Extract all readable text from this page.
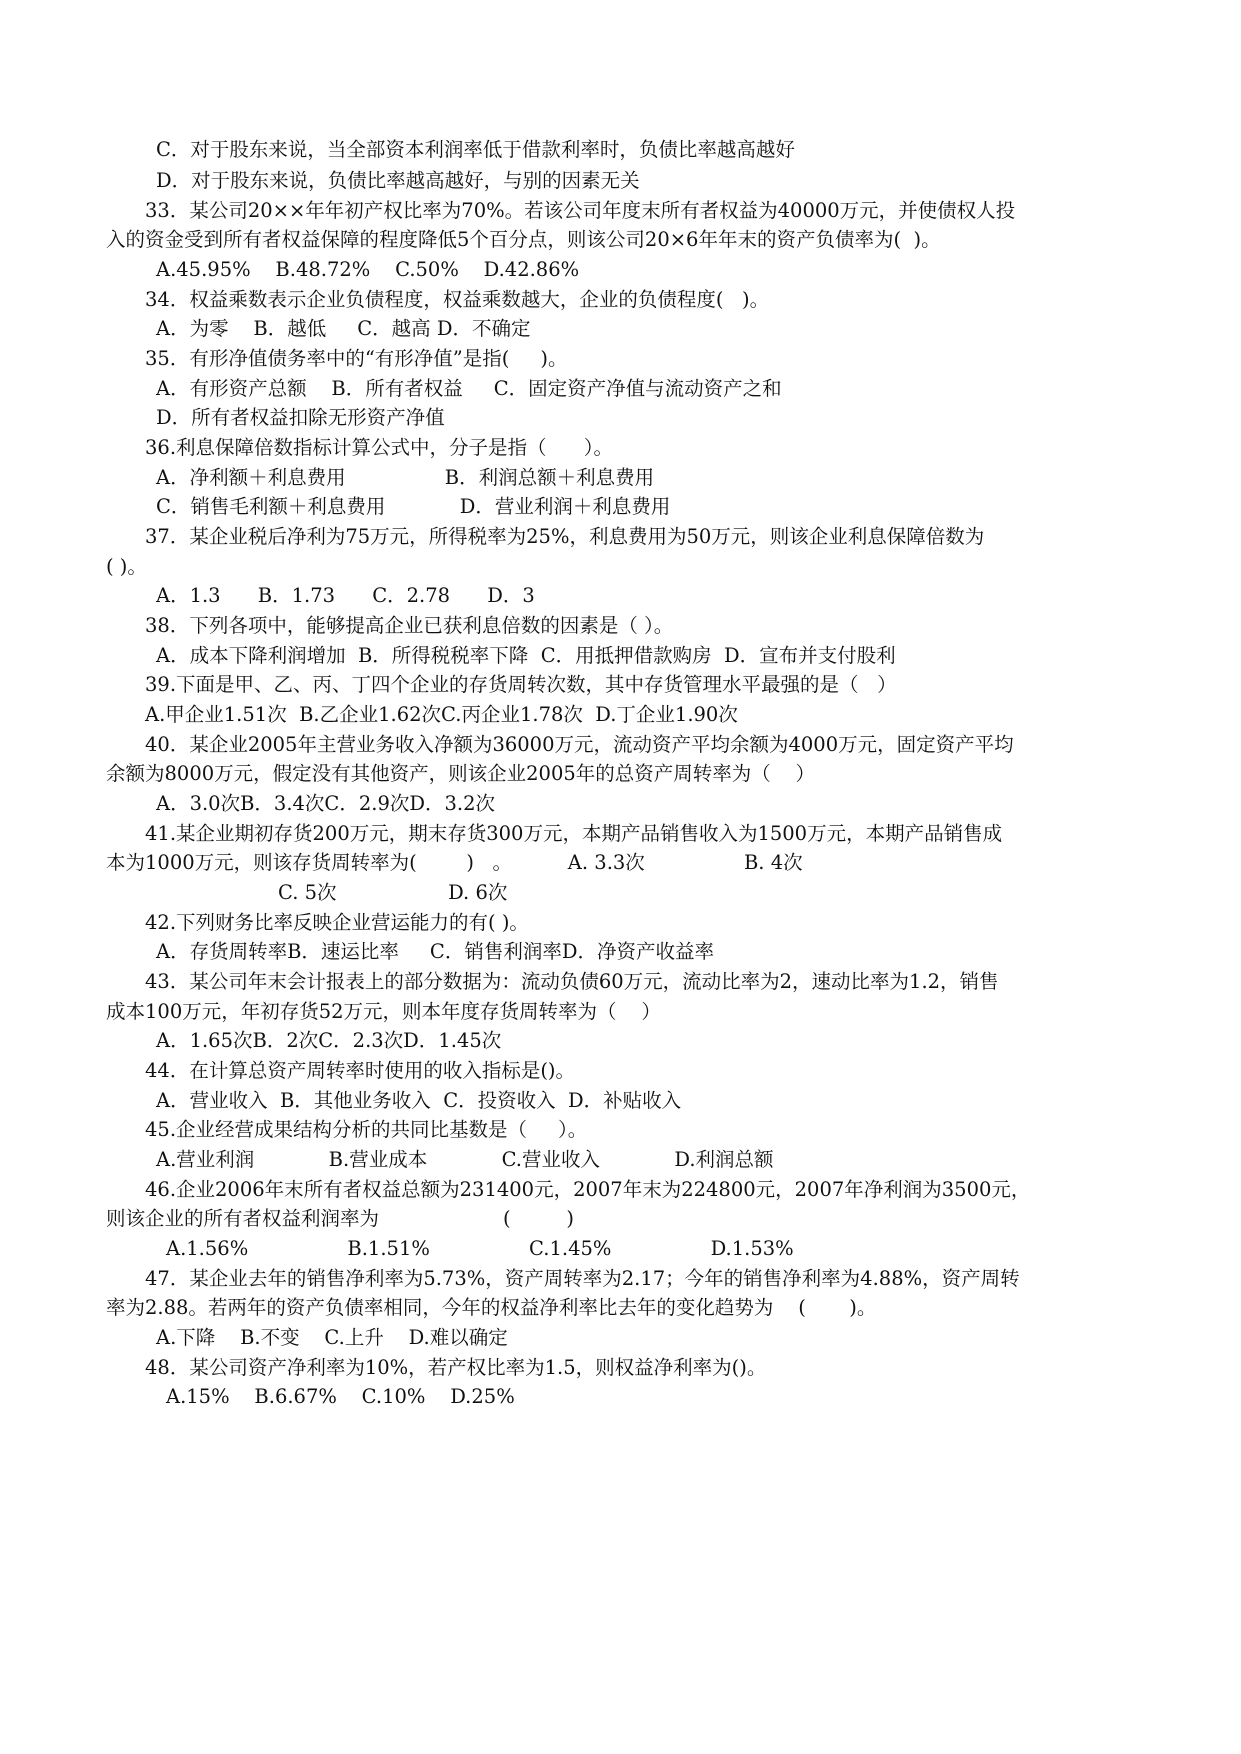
C．对于股东来说，当全部资本利润率低于借款利率时，负债比率越高越好
D．对于股东来说，负债比率越高越好，与别的因素无关
33．某公司20××年年初产权比率为70%。若该公司年度末所有者权益为40000万元，并使债权人投
入的资金受到所有者权益保障的程度降低5个百分点，则该公司20×6年年末的资产负债率为(  )。
A.45.95%    B.48.72%    C.50%    D.42.86%
34．权益乘数表示企业负债程度，权益乘数越大，企业的负债程度(   )。
A．为零    B．越低     C．越高 D．不确定
35．有形净值债务率中的“有形净值”是指(     )。
A．有形资产总额    B．所有者权益     C．固定资产净值与流动资产之和
D．所有者权益扣除无形资产净值
36.利息保障倍数指标计算公式中，分子是指（      ）。
A．净利额＋利息费用                B．利润总额＋利息费用
C．销售毛利额＋利息费用            D．营业利润＋利息费用
37．某企业税后净利为75万元，所得税率为25%，利息费用为50万元，则该企业利息保障倍数为
( )。
A．1.3      B．1.73      C．2.78      D．3
38．下列各项中，能够提高企业已获利息倍数的因素是（ ）。
A．成本下降利润增加  B．所得税税率下降  C．用抵押借款购房  D．宣布并支付股利
39.下面是甲、乙、丙、丁四个企业的存货周转次数，其中存货管理水平最强的是（   ）
A.甲企业1.51次  B.乙企业1.62次C.丙企业1.78次  D.丁企业1.90次
40．某企业2005年主营业务收入净额为36000万元，流动资产平均余额为4000万元，固定资产平均
余额为8000万元，假定没有其他资产，则该企业2005年的总资产周转率为（    ）
A．3.0次B．3.4次C．2.9次D．3.2次
41.某企业期初存货200万元，期末存货300万元，本期产品销售收入为1500万元，本期产品销售成
本为1000万元，则该存货周转率为(        )   。         A. 3.3次                B. 4次
C. 5次                  D. 6次
42.下列财务比率反映企业营运能力的有( )。
A．存货周转率B．速运比率     C．销售利润率D．净资产收益率
43．某公司年末会计报表上的部分数据为：流动负债60万元，流动比率为2，速动比率为1.2，销售
成本100万元，年初存货52万元，则本年度存货周转率为（    ）
A．1.65次B．2次C．2.3次D．1.45次
44．在计算总资产周转率时使用的收入指标是()。
A．营业收入  B．其他业务收入  C．投资收入  D．补贴收入
45.企业经营成果结构分析的共同比基数是（     ）。
A.营业利润            B.营业成本            C.营业收入            D.利润总额
46.企业2006年末所有者权益总额为231400元，2007年末为224800元，2007年净利润为3500元，
则该企业的所有者权益利润率为                    (         )
A.1.56%                B.1.51%                C.1.45%                D.1.53%
47．某企业去年的销售净利率为5.73%，资产周转率为2.17；今年的销售净利率为4.88%，资产周转
率为2.88。若两年的资产负债率相同，今年的权益净利率比去年的变化趋势为    (       )。
A.下降    B.不变    C.上升    D.难以确定
48．某公司资产净利率为10%，若产权比率为1.5，则权益净利率为()。
A.15%    B.6.67%    C.10%    D.25%
